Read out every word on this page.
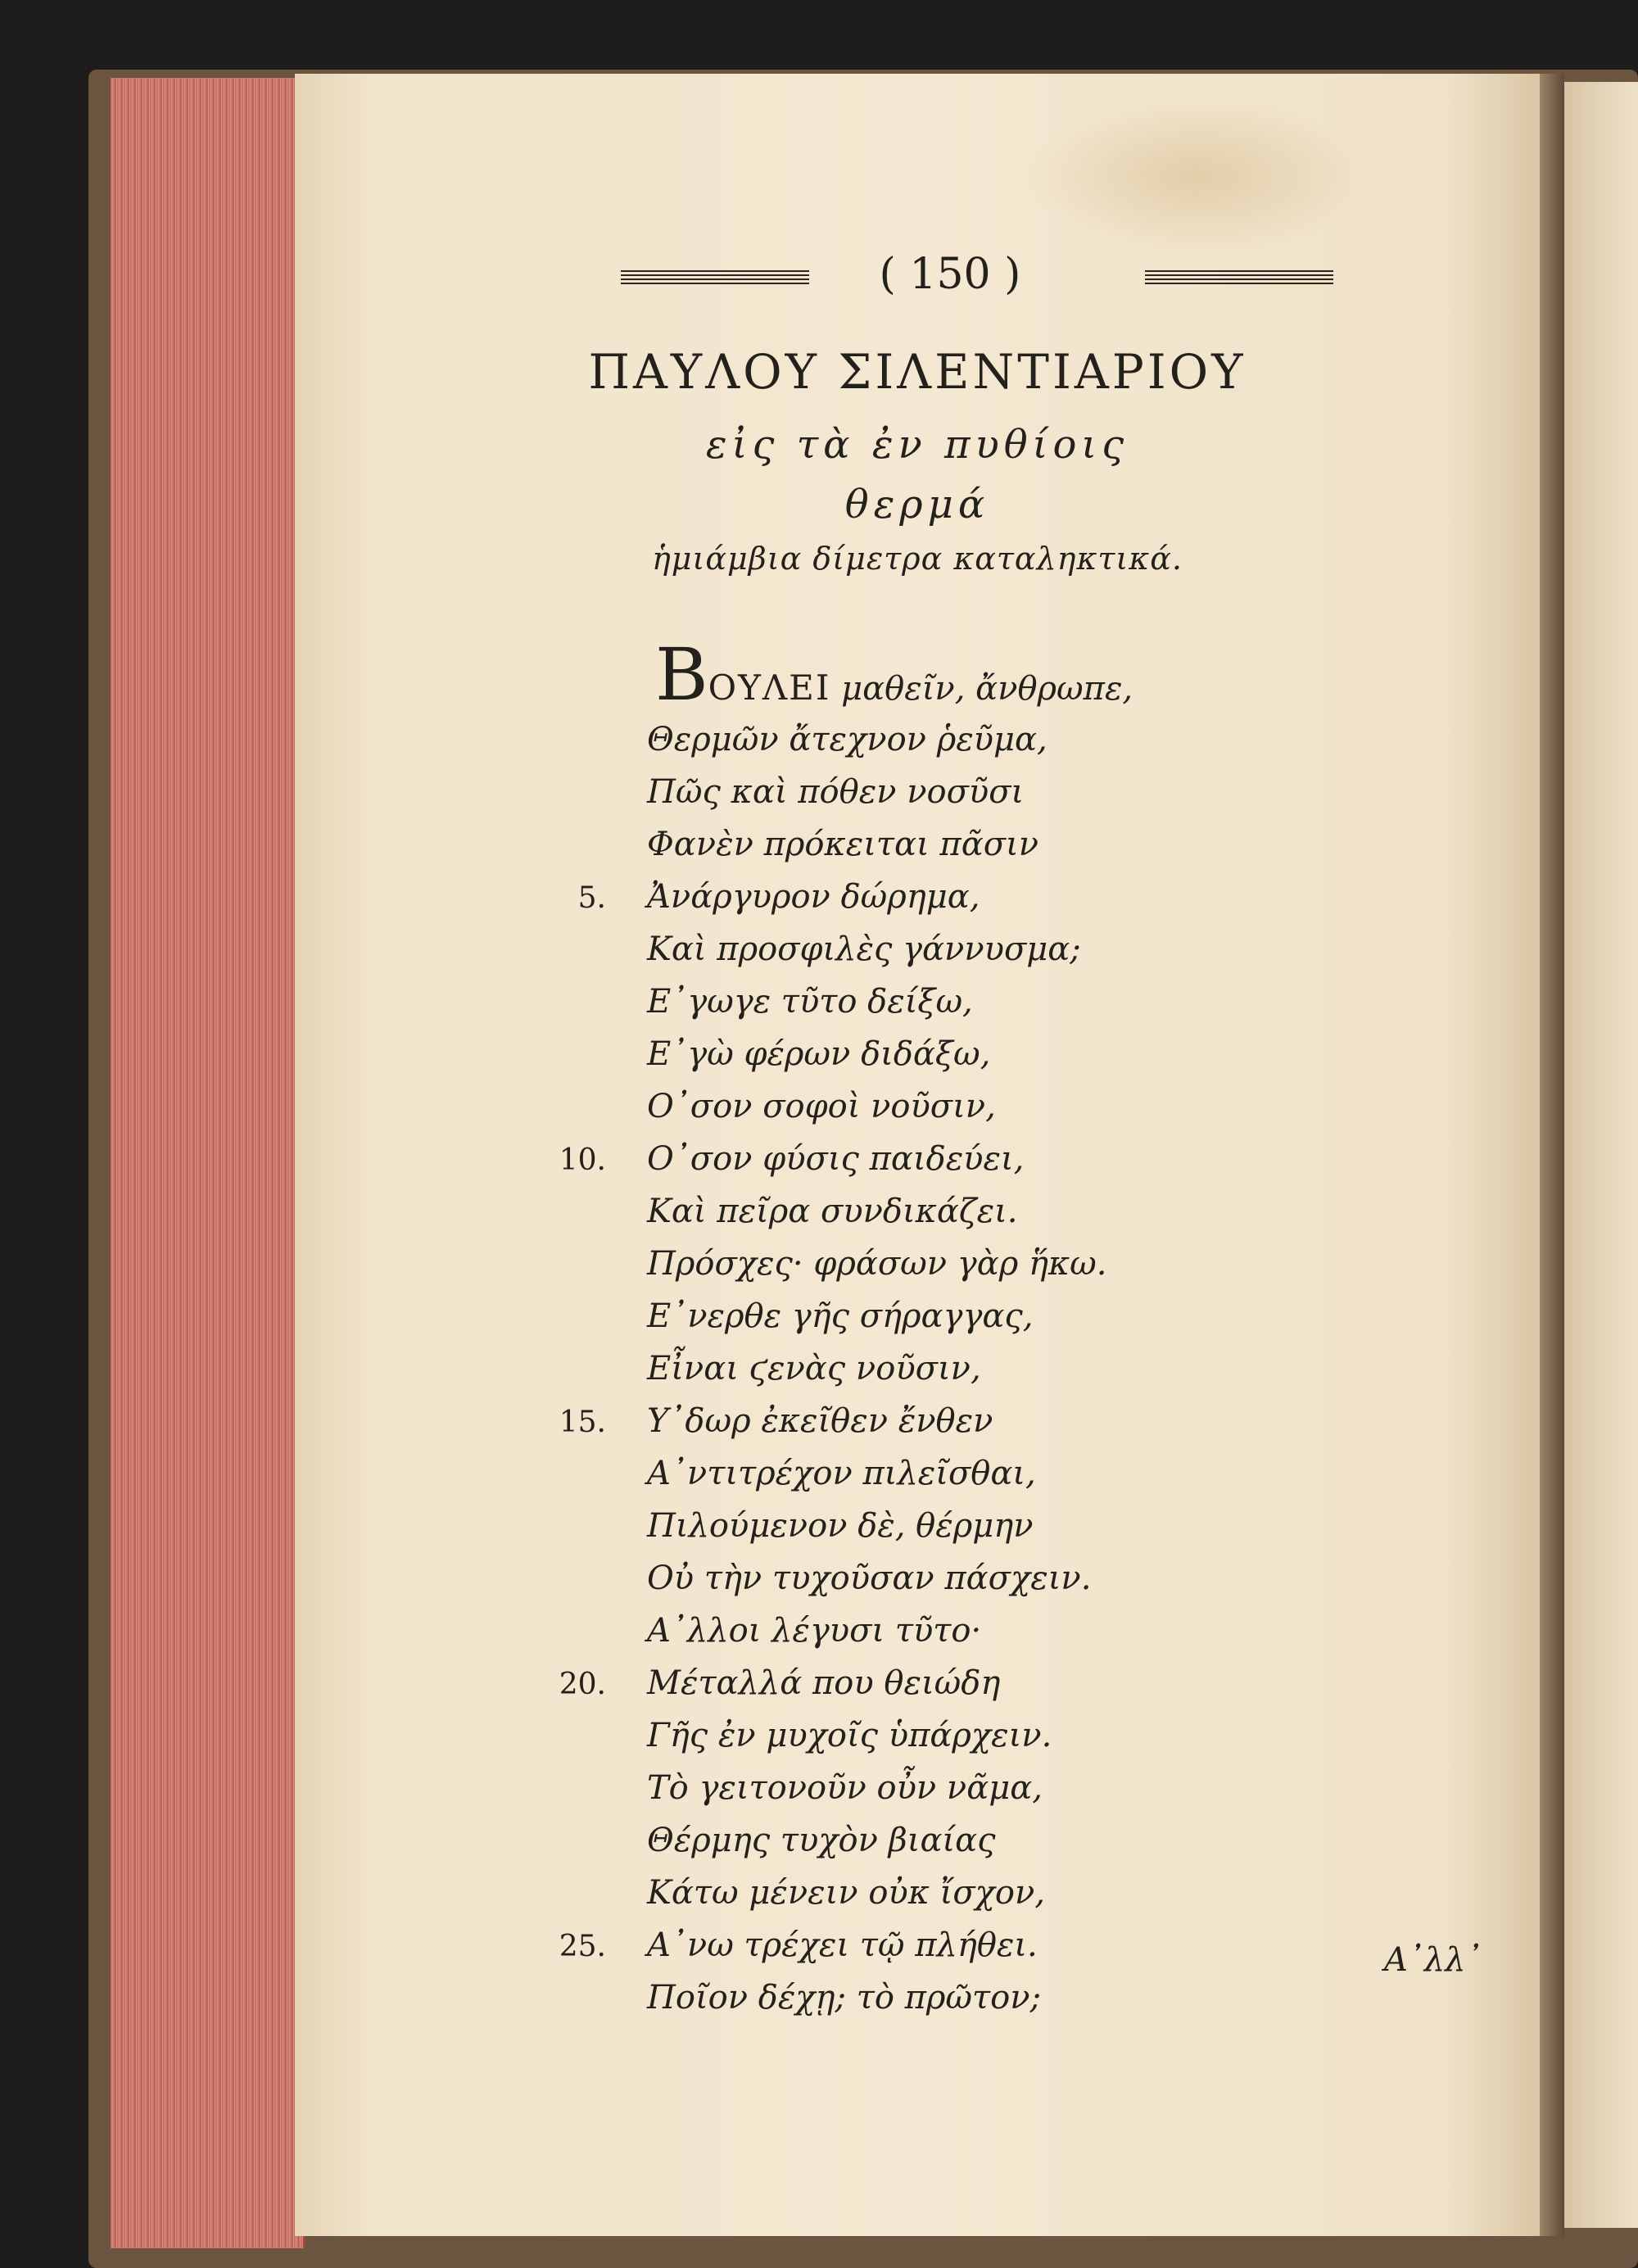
( 150 )
ΠΑΥΛΟΥ ΣΙΛΕΝΤΙΑΡΙΟΥ
εἰς τὰ ἐν πυθίοις
θερμά
ἡμιάμβια δίμετρα καταληκτικά.
BΟΥΛΕΙ μαθεῖν, ἄνθρωπε,
Θερμῶν ἄτεχνον ῥεῦμα,
Πῶς καὶ πόθεν νοσῦσι
Φανὲν πρόκειται πᾶσιν
Ἀνάργυρον δώρημα,
Καὶ προσφιλὲς γάννυσμα;
Ε᾽γωγε τῦτο δείξω,
Ε᾽γὼ φέρων διδάξω,
Ο᾽σον σοφοὶ νοῦσιν,
Ο᾽σον φύσις παιδεύει,
Καὶ πεῖρα συνδικάζει.
Πρόσχες· φράσων γὰρ ἥκω.
Ε᾽νερθε γῆς σήραγγας,
Εἶναι ϛενὰς νοῦσιν,
Υ᾽δωρ ἐκεῖθεν ἔνθεν
Α᾽ντιτρέχον πιλεῖσθαι,
Πιλούμενον δὲ, θέρμην
Οὐ τὴν τυχοῦσαν πάσχειν.
Α᾽λλοι λέγυσι τῦτο·
Μέταλλά που θειώδη
Γῆς ἐν μυχοῖς ὑπάρχειν.
Τὸ γειτονοῦν οὖν νᾶμα,
Θέρμης τυχὸν βιαίας
Κάτω μένειν οὐκ ἴσχον,
Α᾽νω τρέχει τῷ πλήθει.
Ποῖον δέχῃ; τὸ πρῶτον;
5.
10.
15.
20.
25.	Α᾽λλ᾽
